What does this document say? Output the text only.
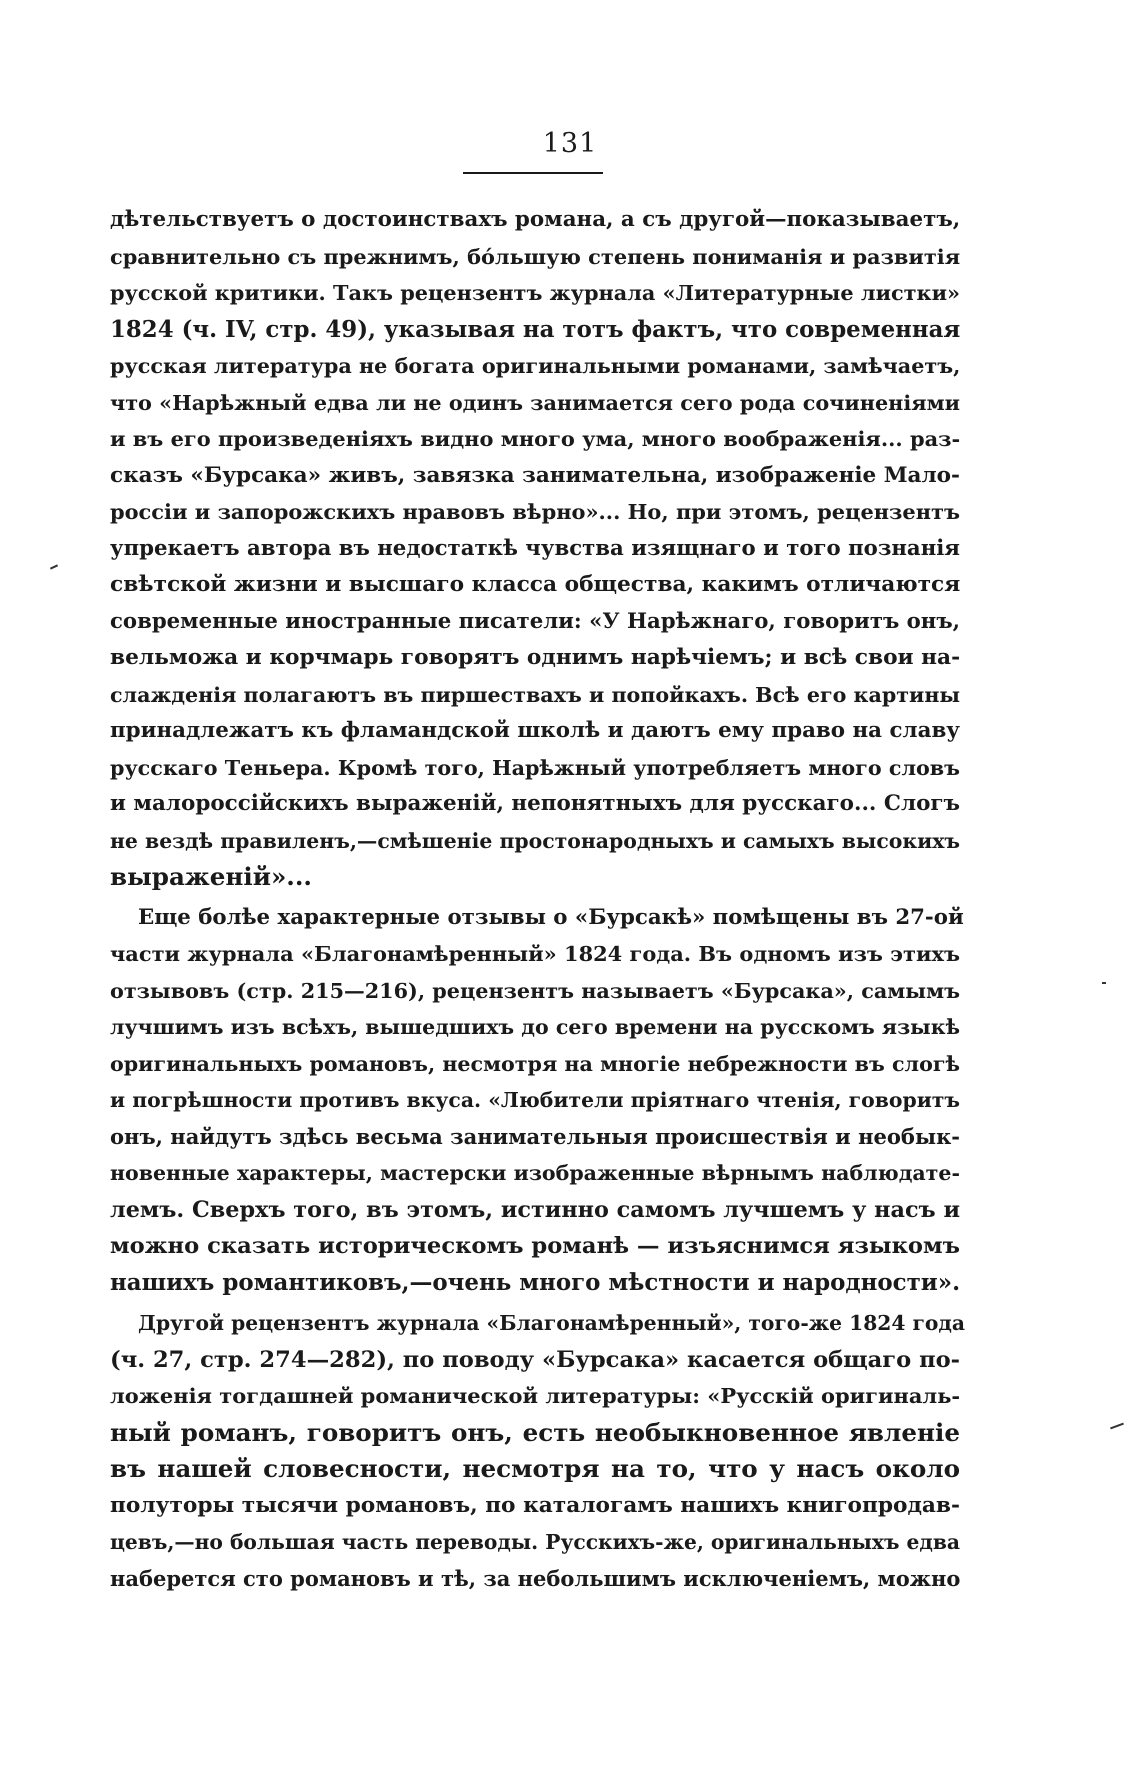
131
дѣтельствуетъ о достоинствахъ романа, а съ другой—показываетъ,
сравнительно съ прежнимъ, бо́льшую степень пониманія и развитія
русской критики. Такъ рецензентъ журнала «Литературные листки»
1824 (ч. IV, стр. 49), указывая на тотъ фактъ, что современная
русская литература не богата оригинальными романами, замѣчаетъ,
что «Нарѣжный едва ли не одинъ занимается сего рода сочиненіями
и въ его произведеніяхъ видно много ума, много воображенія... раз-
сказъ «Бурсака» живъ, завязка занимательна, изображеніе Мало-
россіи и запорожскихъ нравовъ вѣрно»... Но, при этомъ, рецензентъ
упрекаетъ автора въ недостаткѣ чувства изящнаго и того познанія
свѣтской жизни и высшаго класса общества, какимъ отличаются
современные иностранные писатели: «У Нарѣжнаго, говоритъ онъ,
вельможа и корчмарь говорятъ однимъ нарѣчіемъ; и всѣ свои на-
слажденія полагаютъ въ пиршествахъ и попойкахъ. Всѣ его картины
принадлежатъ къ фламандской школѣ и даютъ ему право на славу
русскаго Теньера. Кромѣ того, Нарѣжный употребляетъ много словъ
и малороссійскихъ выраженій, непонятныхъ для русскаго... Слогъ
не вездѣ правиленъ,—смѣшеніе простонародныхъ и самыхъ высокихъ
выраженій»...
Еще болѣе характерные отзывы о «Бурсакѣ» помѣщены въ 27-ой
части журнала «Благонамѣренный» 1824 года. Въ одномъ изъ этихъ
отзывовъ (стр. 215—216), рецензентъ называетъ «Бурсака», самымъ
лучшимъ изъ всѣхъ, вышедшихъ до сего времени на русскомъ языкѣ
оригинальныхъ романовъ, несмотря на многіе небрежности въ слогѣ
и погрѣшности противъ вкуса. «Любители пріятнаго чтенія, говоритъ
онъ, найдутъ здѣсь весьма занимательныя происшествія и необык-
новенные характеры, мастерски изображенные вѣрнымъ наблюдате-
лемъ. Сверхъ того, въ этомъ, истинно самомъ лучшемъ у насъ и
можно сказать историческомъ романѣ — изъяснимся языкомъ
нашихъ романтиковъ,—очень много мѣстности и народности».
Другой рецензентъ журнала «Благонамѣренный», того-же 1824 года
(ч. 27, стр. 274—282), по поводу «Бурсака» касается общаго по-
ложенія тогдашней романической литературы: «Русскій оригиналь-
ный романъ, говоритъ онъ, есть необыкновенное явленіе
въ нашей словесности, несмотря на то, что у насъ около
полуторы тысячи романовъ, по каталогамъ нашихъ книгопродав-
цевъ,—но большая часть переводы. Русскихъ-же, оригинальныхъ едва
наберется сто романовъ и тѣ, за небольшимъ исключеніемъ, можно
